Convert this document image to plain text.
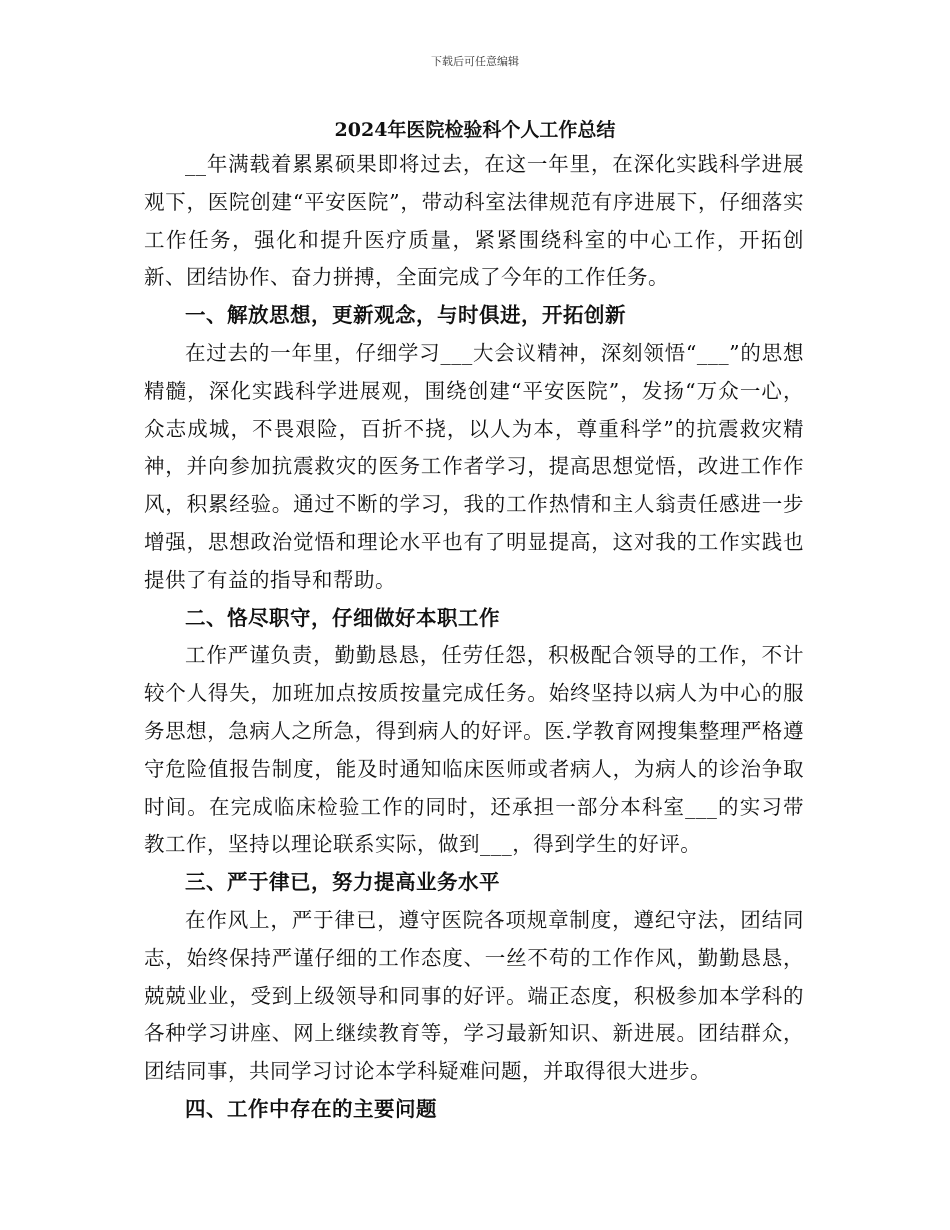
下载后可任意编辑
2024年医院检验科个人工作总结

__年满载着累累硕果即将过去，在这一年里，在深化实践科学进展观下，医院创建“平安医院”，带动科室法律规范有序进展下，仔细落实工作任务，强化和提升医疗质量，紧紧围绕科室的中心工作，开拓创新、团结协作、奋力拼搏，全面完成了今年的工作任务。

一、解放思想，更新观念，与时俱进，开拓创新

在过去的一年里，仔细学习___大会议精神，深刻领悟“___”的思想精髓，深化实践科学进展观，围绕创建“平安医院”，发扬“万众一心，众志成城，不畏艰险，百折不挠，以人为本，尊重科学”的抗震救灾精神，并向参加抗震救灾的医务工作者学习，提高思想觉悟，改进工作作风，积累经验。通过不断的学习，我的工作热情和主人翁责任感进一步增强，思想政治觉悟和理论水平也有了明显提高，这对我的工作实践也提供了有益的指导和帮助。

二、恪尽职守，仔细做好本职工作

工作严谨负责，勤勤恳恳，任劳任怨，积极配合领导的工作，不计较个人得失，加班加点按质按量完成任务。始终坚持以病人为中心的服务思想，急病人之所急，得到病人的好评。医.学教育网搜集整理严格遵守危险值报告制度，能及时通知临床医师或者病人，为病人的诊治争取时间。在完成临床检验工作的同时，还承担一部分本科室___的实习带教工作，坚持以理论联系实际，做到___，得到学生的好评。

三、严于律已，努力提高业务水平

在作风上，严于律已，遵守医院各项规章制度，遵纪守法，团结同志，始终保持严谨仔细的工作态度、一丝不苟的工作作风，勤勤恳恳，兢兢业业，受到上级领导和同事的好评。端正态度，积极参加本学科的各种学习讲座、网上继续教育等，学习最新知识、新进展。团结群众，团结同事，共同学习讨论本学科疑难问题，并取得很大进步。

四、工作中存在的主要问题
